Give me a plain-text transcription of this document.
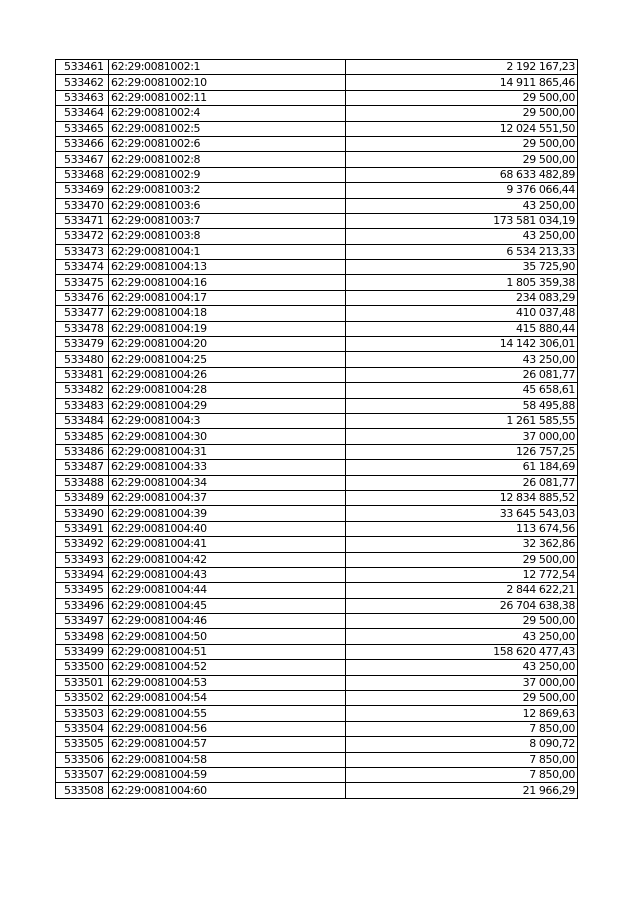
533461	62:29:0081002:1	2 192 167,23
533462	62:29:0081002:10	14 911 865,46
533463	62:29:0081002:11	29 500,00
533464	62:29:0081002:4	29 500,00
533465	62:29:0081002:5	12 024 551,50
533466	62:29:0081002:6	29 500,00
533467	62:29:0081002:8	29 500,00
533468	62:29:0081002:9	68 633 482,89
533469	62:29:0081003:2	9 376 066,44
533470	62:29:0081003:6	43 250,00
533471	62:29:0081003:7	173 581 034,19
533472	62:29:0081003:8	43 250,00
533473	62:29:0081004:1	6 534 213,33
533474	62:29:0081004:13	35 725,90
533475	62:29:0081004:16	1 805 359,38
533476	62:29:0081004:17	234 083,29
533477	62:29:0081004:18	410 037,48
533478	62:29:0081004:19	415 880,44
533479	62:29:0081004:20	14 142 306,01
533480	62:29:0081004:25	43 250,00
533481	62:29:0081004:26	26 081,77
533482	62:29:0081004:28	45 658,61
533483	62:29:0081004:29	58 495,88
533484	62:29:0081004:3	1 261 585,55
533485	62:29:0081004:30	37 000,00
533486	62:29:0081004:31	126 757,25
533487	62:29:0081004:33	61 184,69
533488	62:29:0081004:34	26 081,77
533489	62:29:0081004:37	12 834 885,52
533490	62:29:0081004:39	33 645 543,03
533491	62:29:0081004:40	113 674,56
533492	62:29:0081004:41	32 362,86
533493	62:29:0081004:42	29 500,00
533494	62:29:0081004:43	12 772,54
533495	62:29:0081004:44	2 844 622,21
533496	62:29:0081004:45	26 704 638,38
533497	62:29:0081004:46	29 500,00
533498	62:29:0081004:50	43 250,00
533499	62:29:0081004:51	158 620 477,43
533500	62:29:0081004:52	43 250,00
533501	62:29:0081004:53	37 000,00
533502	62:29:0081004:54	29 500,00
533503	62:29:0081004:55	12 869,63
533504	62:29:0081004:56	7 850,00
533505	62:29:0081004:57	8 090,72
533506	62:29:0081004:58	7 850,00
533507	62:29:0081004:59	7 850,00
533508	62:29:0081004:60	21 966,29
